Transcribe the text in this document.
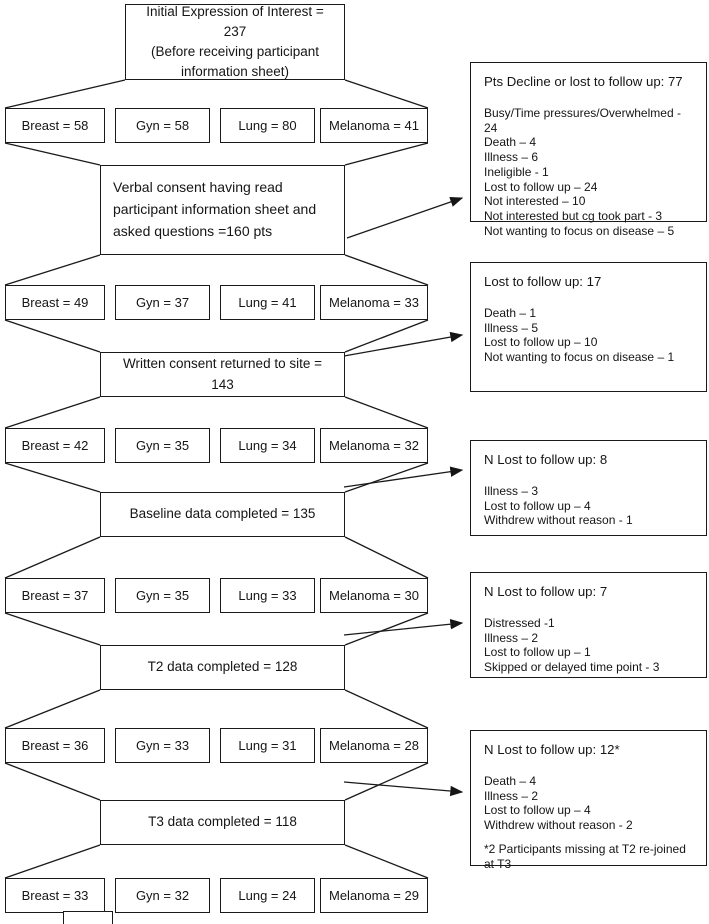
Initial Expression of Interest = 237
(Before receiving participant information sheet)
Breast = 58	Gyn = 58	Lung = 80 Melanoma = 41
Verbal consent having read participant information sheet and asked questions =160 pts
Breast = 49	Gyn = 37	Lung = 41 Melanoma = 33
Written consent returned to site = 143
Breast = 42	Gyn = 35	Lung = 34 Melanoma = 32
Baseline data completed = 135
Breast = 37	Gyn = 35	Lung = 33 Melanoma = 30
T2 data completed = 128
Breast = 36	Gyn = 33	Lung = 31 Melanoma = 28
T3 data completed = 118
Breast = 33	Gyn = 32	Lung = 24 Melanoma = 29
Pts Decline or lost to follow up: 77
Busy/Time pressures/Overwhelmed - 24
Death – 4
Illness – 6
Ineligible - 1
Lost to follow up – 24
Not interested – 10
Not interested but cg took part - 3
Not wanting to focus on disease – 5
Lost to follow up: 17
Death – 1
Illness – 5
Lost to follow up – 10
Not wanting to focus on disease – 1
N Lost to follow up: 8
Illness – 3
Lost to follow up – 4
Withdrew without reason - 1
N Lost to follow up: 7
Distressed -1
Illness – 2
Lost to follow up – 1
Skipped or delayed time point - 3
N Lost to follow up: 12*
Death – 4
Illness – 2
Lost to follow up – 4
Withdrew without reason - 2
*2 Participants missing at T2 re-joined at T3
